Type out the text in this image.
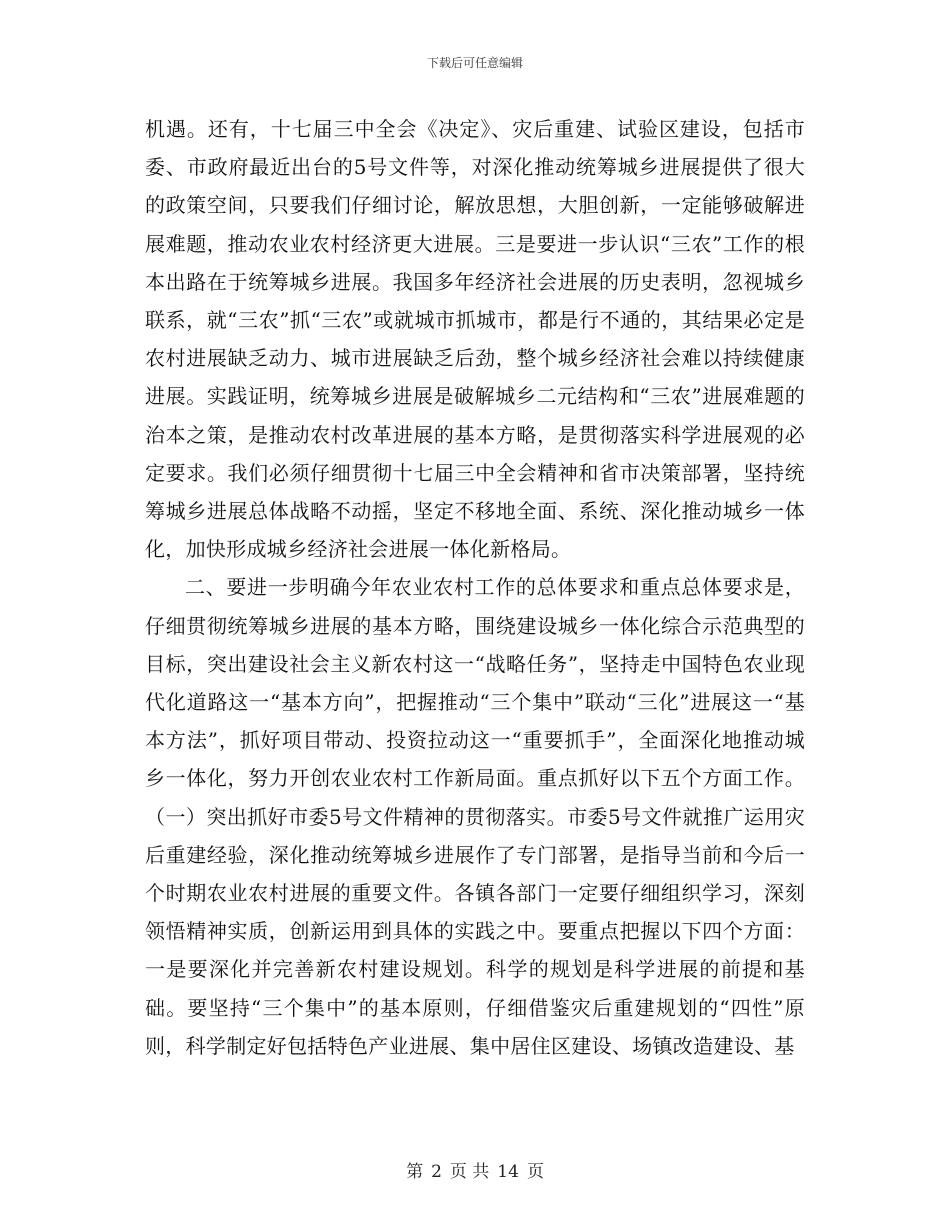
下载后可任意编辑

机遇。还有，十七届三中全会《决定》、灾后重建、试验区建设，包括市委、市政府最近出台的5号文件等，对深化推动统筹城乡进展提供了很大的政策空间，只要我们仔细讨论，解放思想，大胆创新，一定能够破解进展难题，推动农业农村经济更大进展。三是要进一步认识“三农”工作的根本出路在于统筹城乡进展。我国多年经济社会进展的历史表明，忽视城乡联系，就“三农”抓“三农”或就城市抓城市，都是行不通的，其结果必定是农村进展缺乏动力、城市进展缺乏后劲，整个城乡经济社会难以持续健康进展。实践证明，统筹城乡进展是破解城乡二元结构和“三农”进展难题的治本之策，是推动农村改革进展的基本方略，是贯彻落实科学进展观的必定要求。我们必须仔细贯彻十七届三中全会精神和省市决策部署，坚持统筹城乡进展总体战略不动摇，坚定不移地全面、系统、深化推动城乡一体化，加快形成城乡经济社会进展一体化新格局。

二、要进一步明确今年农业农村工作的总体要求和重点总体要求是，仔细贯彻统筹城乡进展的基本方略，围绕建设城乡一体化综合示范典型的目标，突出建设社会主义新农村这一“战略任务”，坚持走中国特色农业现代化道路这一“基本方向”，把握推动“三个集中”联动“三化”进展这一“基本方法”，抓好项目带动、投资拉动这一“重要抓手”，全面深化地推动城乡一体化，努力开创农业农村工作新局面。重点抓好以下五个方面工作。（一）突出抓好市委5号文件精神的贯彻落实。市委5号文件就推广运用灾后重建经验，深化推动统筹城乡进展作了专门部署，是指导当前和今后一个时期农业农村进展的重要文件。各镇各部门一定要仔细组织学习，深刻领悟精神实质，创新运用到具体的实践之中。要重点把握以下四个方面：一是要深化并完善新农村建设规划。科学的规划是科学进展的前提和基础。要坚持“三个集中”的基本原则，仔细借鉴灾后重建规划的“四性”原则，科学制定好包括特色产业进展、集中居住区建设、场镇改造建设、基

第 2 页 共 14 页
